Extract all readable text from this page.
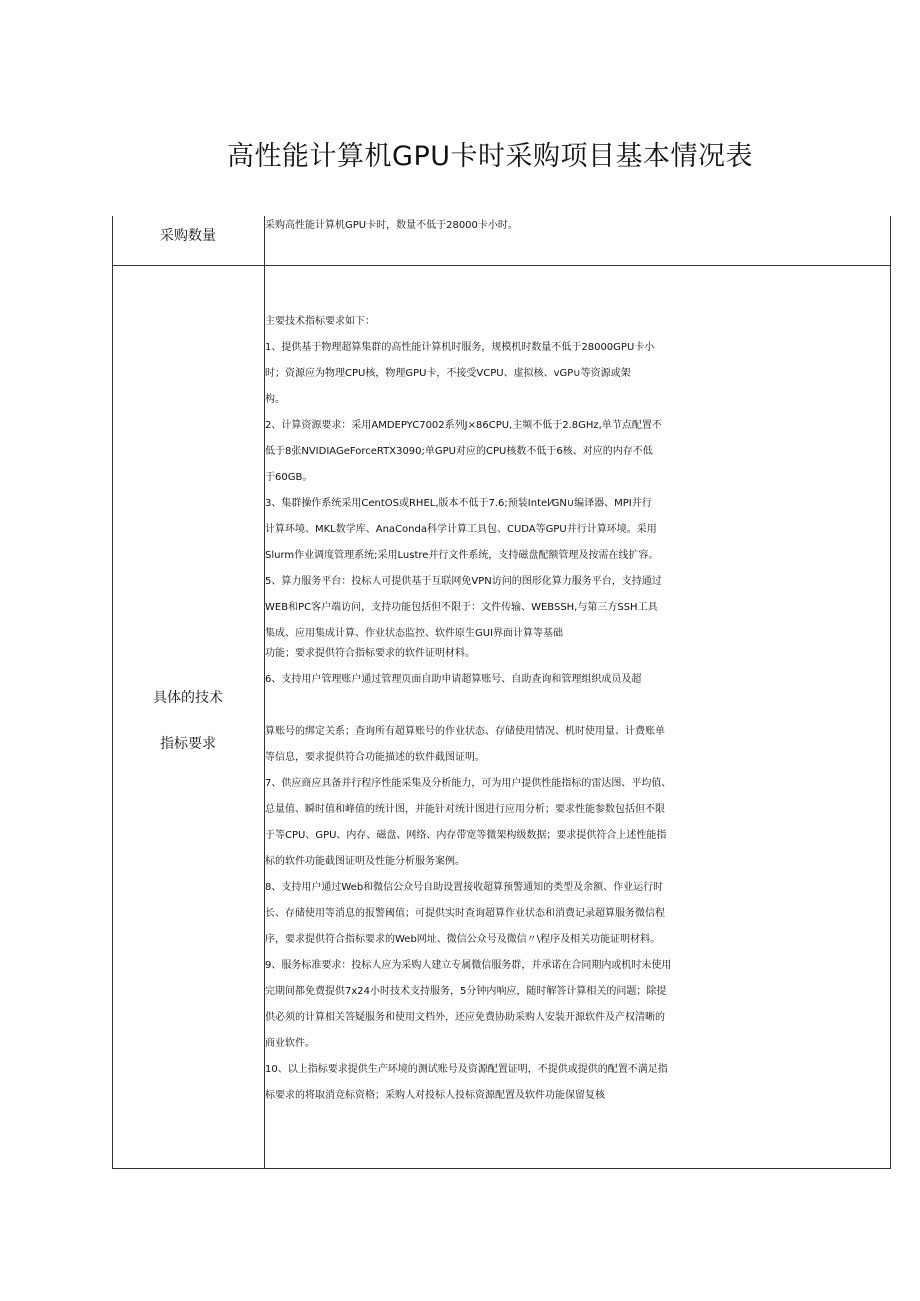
高性能计算机GPU卡时采购项目基本情况表
采购数量

采购高性能计算机GPU卡时，数量不低于28000卡小时。

具体的技术
指标要求

主要技术指标要求如下：

1、提供基于物理超算集群的高性能计算机时服务，规模机时数量不低于28000GPU卡小

时；资源应为物理CPU核，物理GPU卡，不接受VCPU、虚拟核、vGP∪等资源或架

构。

2、计算资源要求：采用AMDEPYC7002系列J×86CPU,主频不低于2.8GHz,单节点配置不

低于8张NVIDIAGeForceRTX3090;单GPU对应的CPU核数不低于6核、对应的内存不低

于60GB。

3、集群操作系统采用CentOS或RHEL,版本不低于7.6;预装Intel⁄GN∪编译器、MPI并行

计算环境、MKL数学库、AnaConda科学计算工具包、CUDA等GPU并行计算环境。采用

Slurm作业调度管理系统;采用Lustre并行文件系统，支持磁盘配额管理及按需在线扩容。

5、算力服务平台：投标人可提供基于互联网免VPN访问的图形化算力服务平台，支持通过

WEB和PC客户端访问，支持功能包括但不限于：文件传输、WEBSSH,与第三方SSH工具

集成、应用集成计算、作业状态监控、软件原生GUI界面计算等基础

功能；要求提供符合指标要求的软件证明材料。

6、支持用户管理账户通过管理页面自助申请超算账号、自助查询和管理组织成员及超

算账号的绑定关系；查询所有超算账号的作业状态、存储使用情况、机时使用量、计费账单

等信息，要求提供符合功能描述的软件截图证明。

7、供应商应具备并行程序性能采集及分析能力，可为用户提供性能指标的雷达图、平均值、

总量值、瞬时值和峰值的统计图，并能针对统计图进行应用分析；要求性能参数包括但不限

于等CPU、GPU、内存、磁盘、网络、内存带宽等微架构级数据；要求提供符合上述性能指

标的软件功能截图证明及性能分析服务案例。

8、支持用户通过Web和微信公众号自助设置接收超算预警通知的类型及余额、作业运行时

长、存储使用等消息的报警阈值；可提供实时查询超算作业状态和消费记录超算服务微信程

序，要求提供符合指标要求的Web网址、微信公众号及微信〃\程序及相关功能证明材料。

9、服务标准要求：投标人应为采购人建立专属微信服务群，并承诺在合同期内或机时未使用

完期间都免费提供7x24小时技术支持服务，5分钟内响应，随时解答计算相关的问题；除提

供必须的计算相关答疑服务和使用文档外，还应免费协助采购人安装开源软件及产权清晰的

商业软件。

10、以上指标要求提供生产环境的测试账号及资源配置证明，不提供或提供的配置不满足指

标要求的将取消竞标资格；采购人对投标人投标资源配置及软件功能保留复核
